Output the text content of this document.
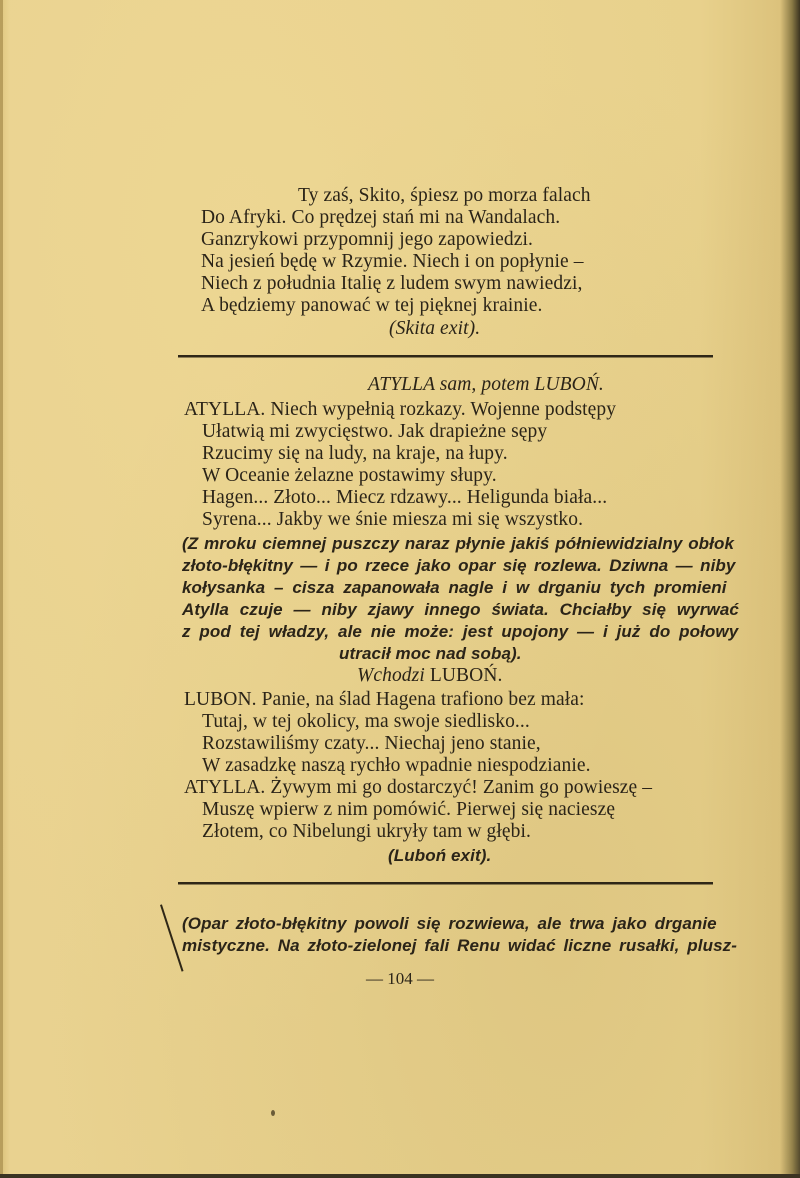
Ty zaś, Skito, śpiesz po morza falach
Do Afryki. Co prędzej stań mi na Wandalach.
Ganzrykowi przypomnij jego zapowiedzi.
Na jesień będę w Rzymie. Niech i on popłynie –
Niech z południa Italię z ludem swym nawiedzi,
A będziemy panować w tej pięknej krainie.
(Skita exit).
ATYLLA sam, potem LUBOŃ.
ATYLLA. Niech wypełnią rozkazy. Wojenne podstępy
Ułatwią mi zwycięstwo. Jak drapieżne sępy
Rzucimy się na ludy, na kraje, na łupy.
W Oceanie żelazne postawimy słupy.
Hagen... Złoto... Miecz rdzawy... Heligunda biała...
Syrena... Jakby we śnie miesza mi się wszystko.
(Z mroku ciemnej puszczy naraz płynie jakiś półniewidzialny obłok
złoto-błękitny — i po rzece jako opar się rozlewa. Dziwna — niby
kołysanka – cisza zapanowała nagle i w drganiu tych promieni
Atylla czuje — niby zjawy innego świata. Chciałby się wyrwać
z pod tej władzy, ale nie może: jest upojony — i już do połowy
utracił moc nad sobą).
Wchodzi LUBOŃ.
LUBON. Panie, na ślad Hagena trafiono bez mała:
Tutaj, w tej okolicy, ma swoje siedlisko...
Rozstawiliśmy czaty... Niechaj jeno stanie,
W zasadzkę naszą rychło wpadnie niespodzianie.
ATYLLA. Żywym mi go dostarczyć! Zanim go powieszę –
Muszę wpierw z nim pomówić. Pierwej się nacieszę
Złotem, co Nibelungi ukryły tam w głębi.
(Luboń exit).
(Opar złoto-błękitny powoli się rozwiewa, ale trwa jako drganie
mistyczne. Na złoto-zielonej fali Renu widać liczne rusałki, plusz-
— 104 —
